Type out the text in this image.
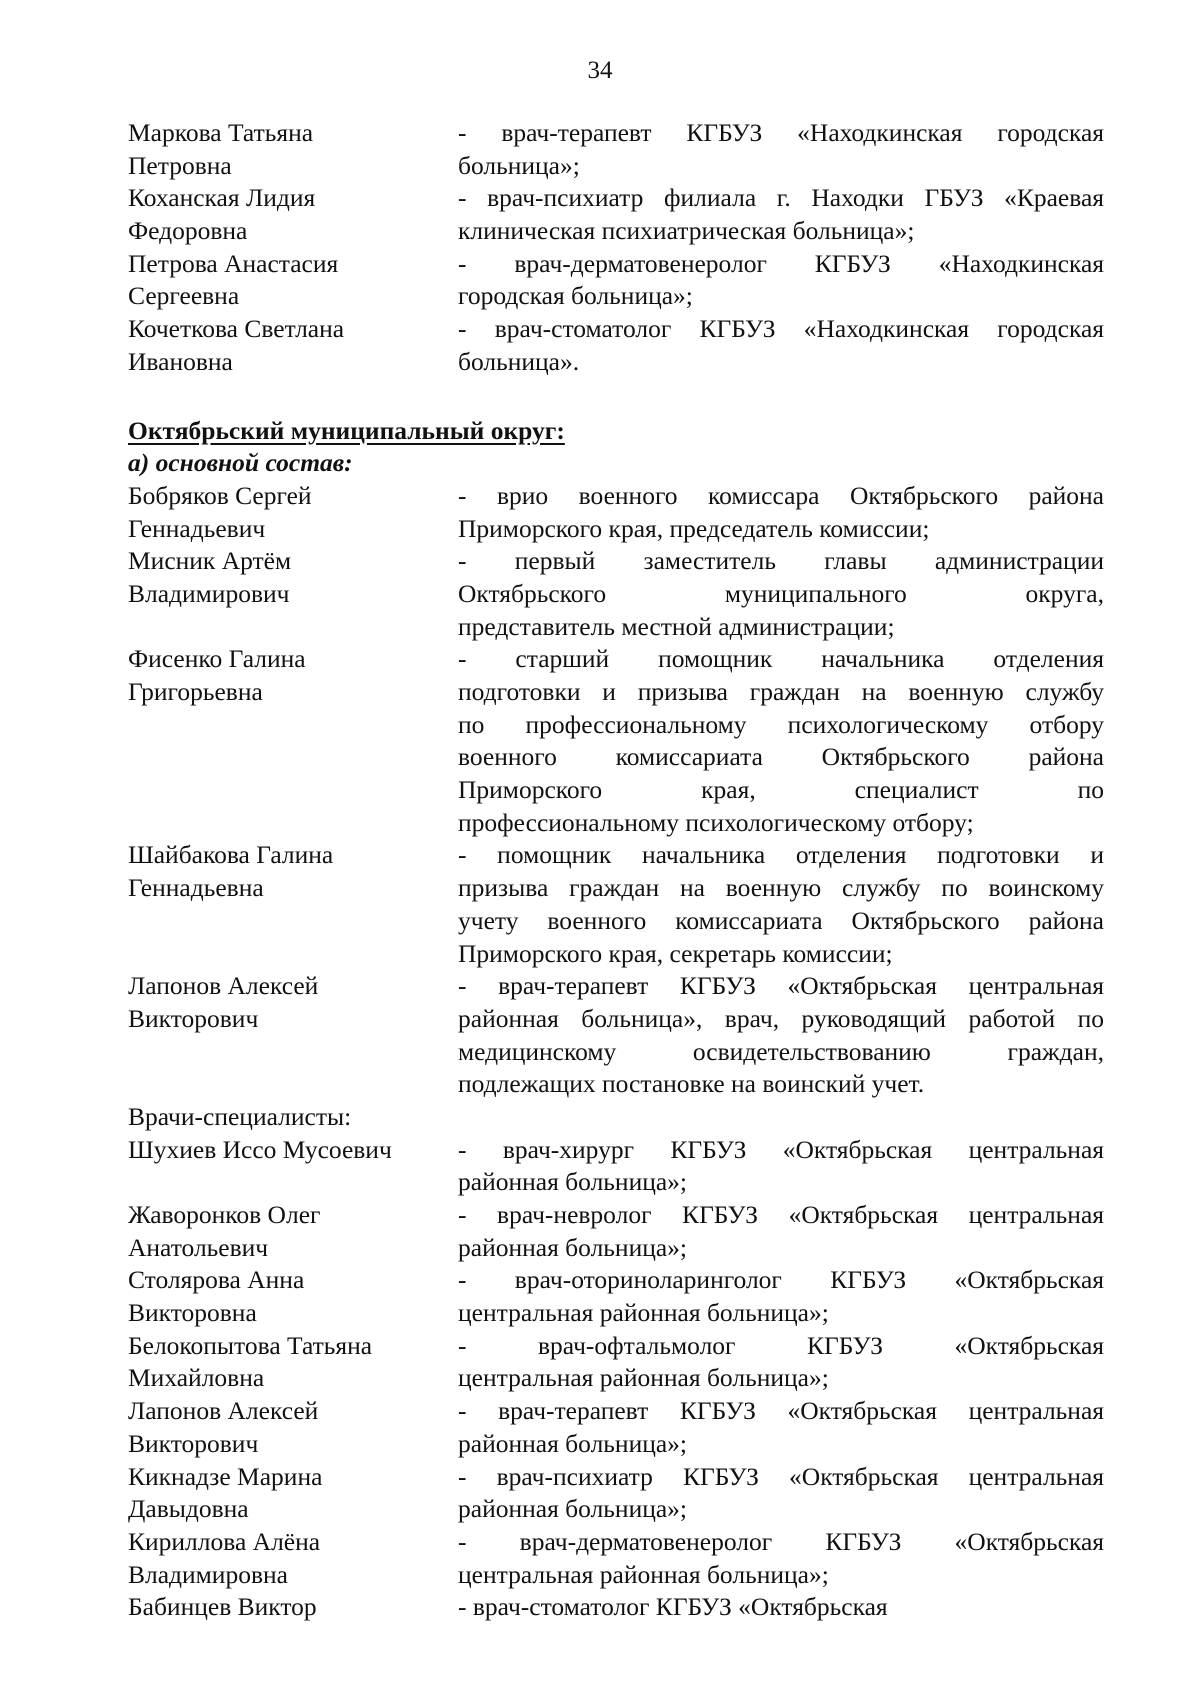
34
Маркова Татьяна	- врач-терапевт КГБУЗ «Находкинская городская
Петровна	больница»;
Коханская Лидия	- врач-психиатр филиала г. Находки ГБУЗ «Краевая
Федоровна	клиническая психиатрическая больница»;
Петрова Анастасия	- врач-дерматовенеролог КГБУЗ «Находкинская
Сергеевна	городская больница»;
Кочеткова Светлана	- врач-стоматолог КГБУЗ «Находкинская городская
Ивановна	больница».
Октябрьский муниципальный округ:
а) основной состав:
Бобряков Сергей	- врио военного комиссара Октябрьского района
Геннадьевич	Приморского края, председатель комиссии;
Мисник Артём	- первый заместитель главы администрации
Владимирович	Октябрьского муниципального округа,
представитель местной администрации;
Фисенко Галина	- старший помощник начальника отделения
Григорьевна	подготовки и призыва граждан на военную службу
по профессиональному психологическому отбору
военного комиссариата Октябрьского района
Приморского края, специалист по
профессиональному психологическому отбору;
Шайбакова Галина	- помощник начальника отделения подготовки и
Геннадьевна	призыва граждан на военную службу по воинскому
учету военного комиссариата Октябрьского района
Приморского края, секретарь комиссии;
Лапонов Алексей	- врач-терапевт КГБУЗ «Октябрьская центральная
Викторович	районная больница», врач, руководящий работой по
медицинскому освидетельствованию граждан,
подлежащих постановке на воинский учет.
Врачи-специалисты:
Шухиев Иссо Мусоевич	- врач-хирург КГБУЗ «Октябрьская центральная
районная больница»;
Жаворонков Олег	- врач-невролог КГБУЗ «Октябрьская центральная
Анатольевич	районная больница»;
Столярова Анна	- врач-оториноларинголог КГБУЗ «Октябрьская
Викторовна	центральная районная больница»;
Белокопытова Татьяна	- врач-офтальмолог КГБУЗ «Октябрьская
Михайловна	центральная районная больница»;
Лапонов Алексей	- врач-терапевт КГБУЗ «Октябрьская центральная
Викторович	районная больница»;
Кикнадзе Марина	- врач-психиатр КГБУЗ «Октябрьская центральная
Давыдовна	районная больница»;
Кириллова Алёна	- врач-дерматовенеролог КГБУЗ «Октябрьская
Владимировна	центральная районная больница»;
Бабинцев Виктор	- врач-стоматолог КГБУЗ «Октябрьская
